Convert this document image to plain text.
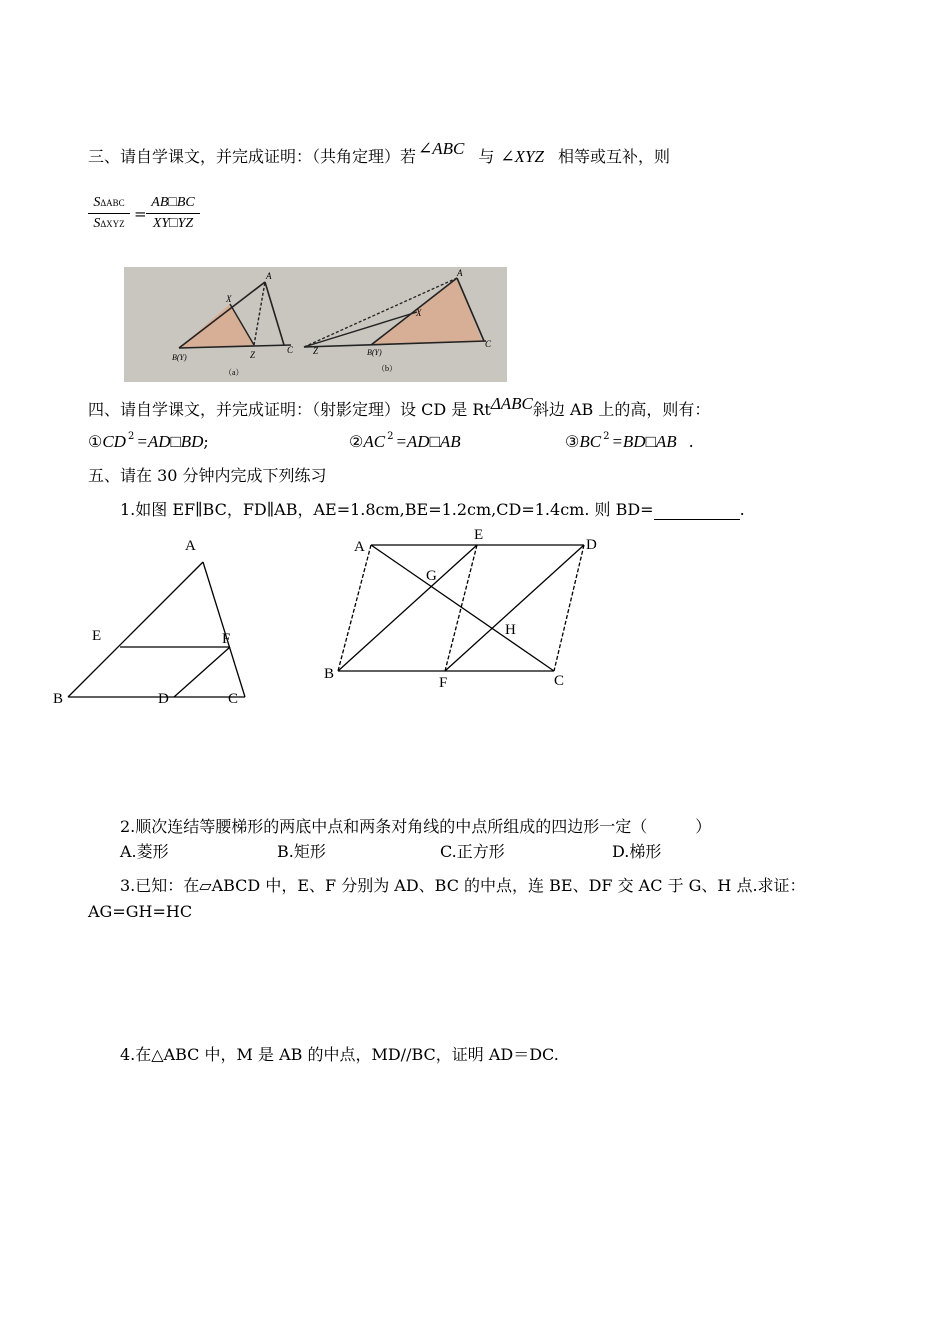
三、请自学课文，并完成证明：（共角定理）若 ∠ABC 与 ∠XYZ 相等或互补，则
SΔABC
SΔXYZ
=
AB□BC
XY□YZ
A
X
B(Y)	Z	C
（a）
A
X
Z	B(Y)
C
（b）
四、请自学课文，并完成证明：（射影定理）设 CD 是 RtΔABC斜边 AB 上的高，则有：
①CD $^2$ =AD□BD;	②AC $^2$ =AD□AB	③BC $^2$ =BD□AB .
五、请在 30 分钟内完成下列练习
1.如图 EF∥BC，FD∥AB，AE=1.8cm,BE=1.2cm,CD=1.4cm. 则 BD=	.
A
E	F
B	D	C
A
E
D
G
H
B
F	C
2.顺次连结等腰梯形的两底中点和两条对角线的中点所组成的四边形一定（　　　）
A.菱形	B.矩形	C.正方形	D.梯形
3.已知：在▱ABCD 中，E、F 分别为 AD、BC 的中点，连 BE、DF 交 AC 于 G、H 点.求证：
AG=GH=HC
4.在△ABC 中，M 是 AB 的中点，MD//BC，证明 AD＝DC.
